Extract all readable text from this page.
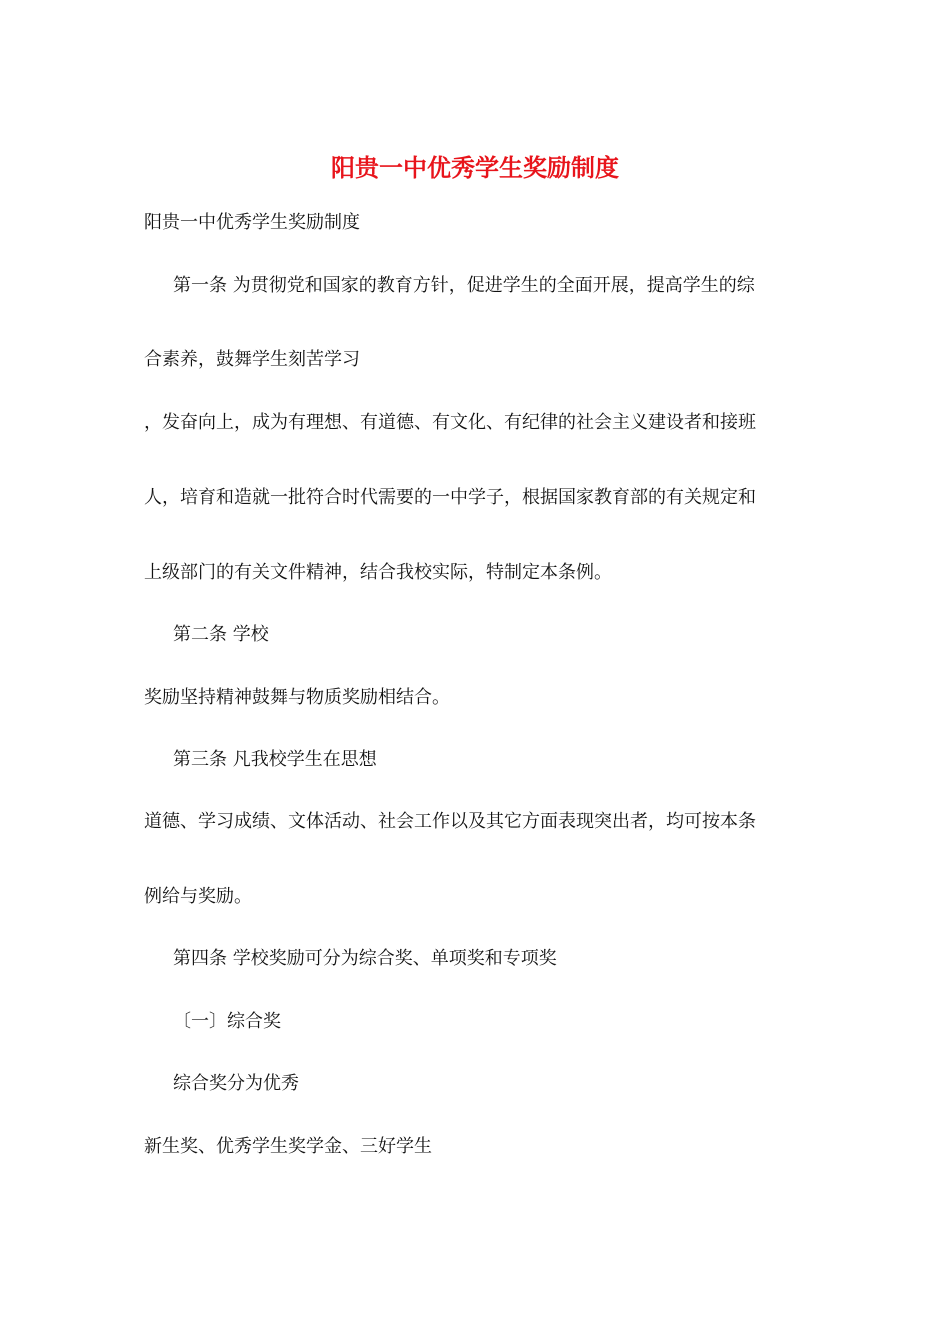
阳贵一中优秀学生奖励制度

阳贵一中优秀学生奖励制度

第一条 为贯彻党和国家的教育方针，促进学生的全面开展，提高学生的综

合素养，鼓舞学生刻苦学习

，发奋向上，成为有理想、有道德、有文化、有纪律的社会主义建设者和接班

人，培育和造就一批符合时代需要的一中学子，根据国家教育部的有关规定和

上级部门的有关文件精神，结合我校实际，特制定本条例。

第二条 学校

奖励坚持精神鼓舞与物质奖励相结合。

第三条 凡我校学生在思想

道德、学习成绩、文体活动、社会工作以及其它方面表现突出者，均可按本条

例给与奖励。

第四条 学校奖励可分为综合奖、单项奖和专项奖

〔一〕综合奖

综合奖分为优秀

新生奖、优秀学生奖学金、三好学生
